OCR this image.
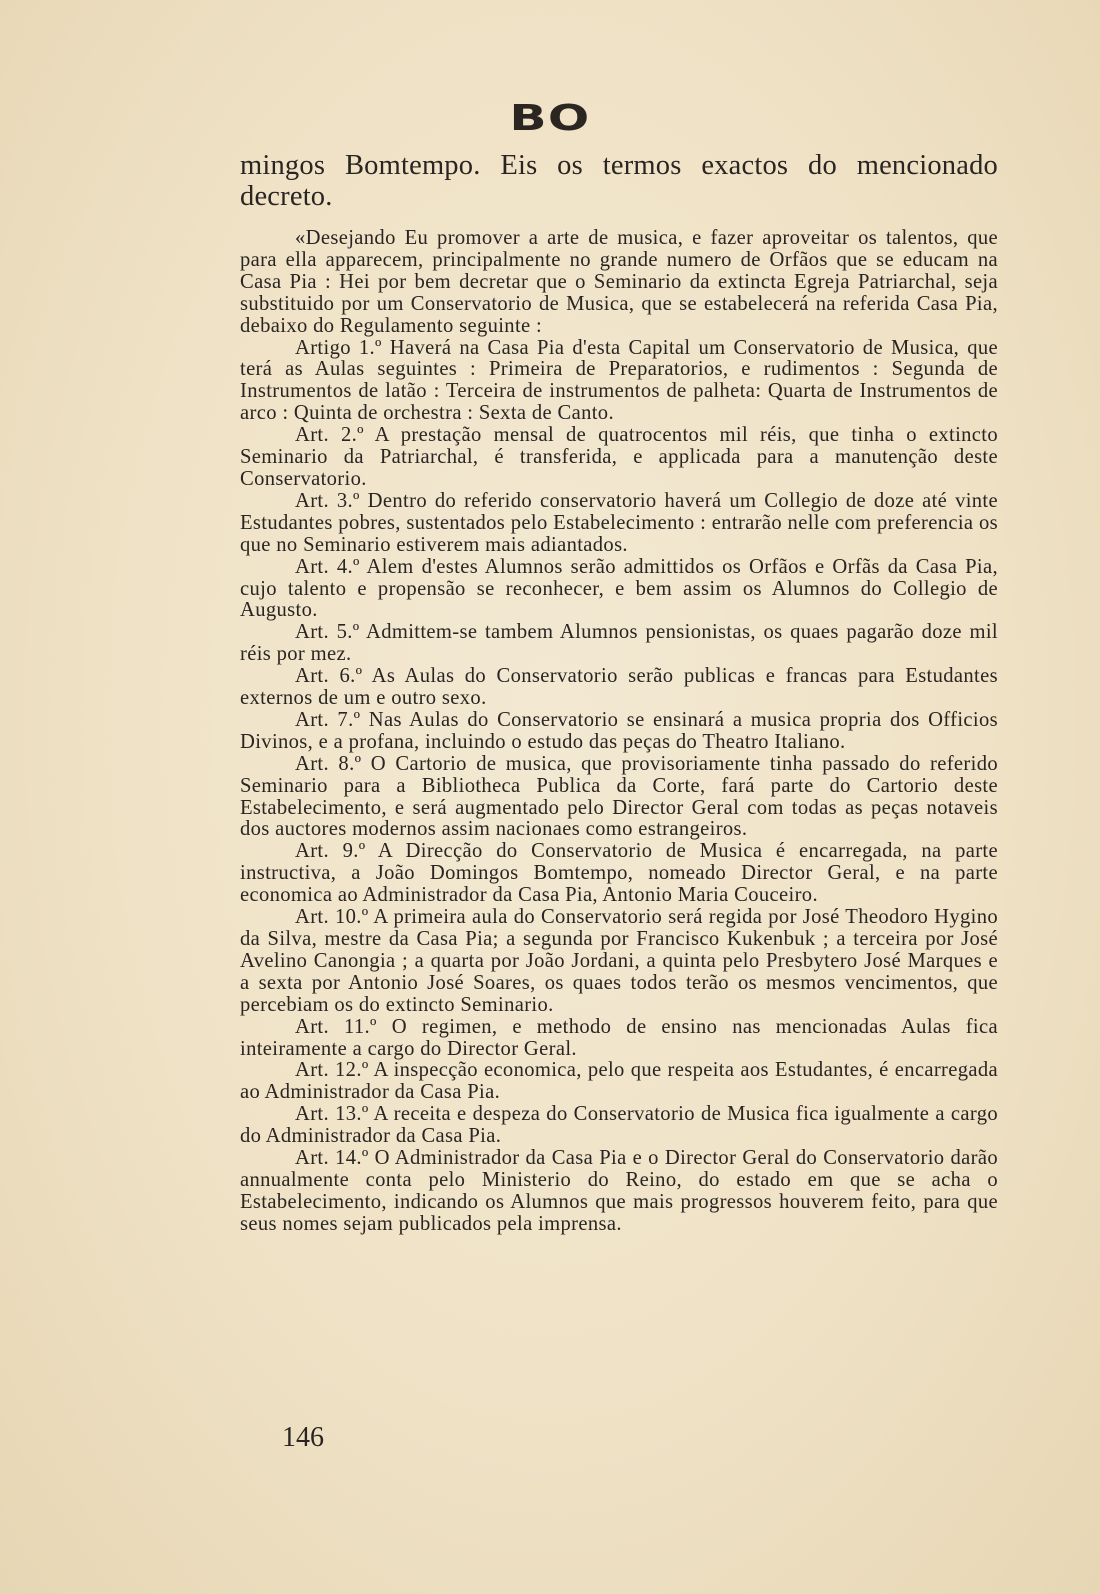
BO

mingos Bomtempo. Eis os termos exactos do mencionado decreto.

«Desejando Eu promover a arte de musica, e fazer aproveitar os talentos, que para ella apparecem, principalmente no grande numero de Orfãos que se educam na Casa Pia : Hei por bem decretar que o Seminario da extincta Egreja Patriarchal, seja substituido por um Conservatorio de Musica, que se estabelecerá na referida Casa Pia, debaixo do Regulamento seguinte :

Artigo 1.º Haverá na Casa Pia d'esta Capital um Conservatorio de Musica, que terá as Aulas seguintes : Primeira de Preparatorios, e rudimentos : Segunda de Instrumentos de latão : Terceira de instrumentos de palheta: Quarta de Instrumentos de arco : Quinta de orchestra : Sexta de Canto.

Art. 2.º A prestação mensal de quatrocentos mil réis, que tinha o extincto Seminario da Patriarchal, é transferida, e applicada para a manutenção deste Conservatorio.

Art. 3.º Dentro do referido conservatorio haverá um Collegio de doze até vinte Estudantes pobres, sustentados pelo Estabelecimento : entrarão nelle com preferencia os que no Seminario estiverem mais adiantados.

Art. 4.º Alem d'estes Alumnos serão admittidos os Orfãos e Orfãs da Casa Pia, cujo talento e propensão se reconhecer, e bem assim os Alumnos do Collegio de Augusto.

Art. 5.º Admittem-se tambem Alumnos pensionistas, os quaes pagarão doze mil réis por mez.

Art. 6.º As Aulas do Conservatorio serão publicas e francas para Estudantes externos de um e outro sexo.

Art. 7.º Nas Aulas do Conservatorio se ensinará a musica propria dos Officios Divinos, e a profana, incluindo o estudo das peças do Theatro Italiano.

Art. 8.º O Cartorio de musica, que provisoriamente tinha passado do referido Seminario para a Bibliotheca Publica da Corte, fará parte do Cartorio deste Estabelecimento, e será augmentado pelo Director Geral com todas as peças notaveis dos auctores modernos assim nacionaes como estrangeiros.

Art. 9.º A Direcção do Conservatorio de Musica é encarregada, na parte instructiva, a João Domingos Bomtempo, nomeado Director Geral, e na parte economica ao Administrador da Casa Pia, Antonio Maria Couceiro.

Art. 10.º A primeira aula do Conservatorio será regida por José Theodoro Hygino da Silva, mestre da Casa Pia; a segunda por Francisco Kukenbuk ; a terceira por José Avelino Canongia ; a quarta por João Jordani, a quinta pelo Presbytero José Marques e a sexta por Antonio José Soares, os quaes todos terão os mesmos vencimentos, que percebiam os do extincto Seminario.

Art. 11.º O regimen, e methodo de ensino nas mencionadas Aulas fica inteiramente a cargo do Director Geral.

Art. 12.º A inspecção economica, pelo que respeita aos Estudantes, é encarregada ao Administrador da Casa Pia.

Art. 13.º A receita e despeza do Conservatorio de Musica fica igualmente a cargo do Administrador da Casa Pia.

Art. 14.º O Administrador da Casa Pia e o Director Geral do Conservatorio darão annualmente conta pelo Ministerio do Reino, do estado em que se acha o Estabelecimento, indicando os Alumnos que mais progressos houverem feito, para que seus nomes sejam publicados pela imprensa.

146
